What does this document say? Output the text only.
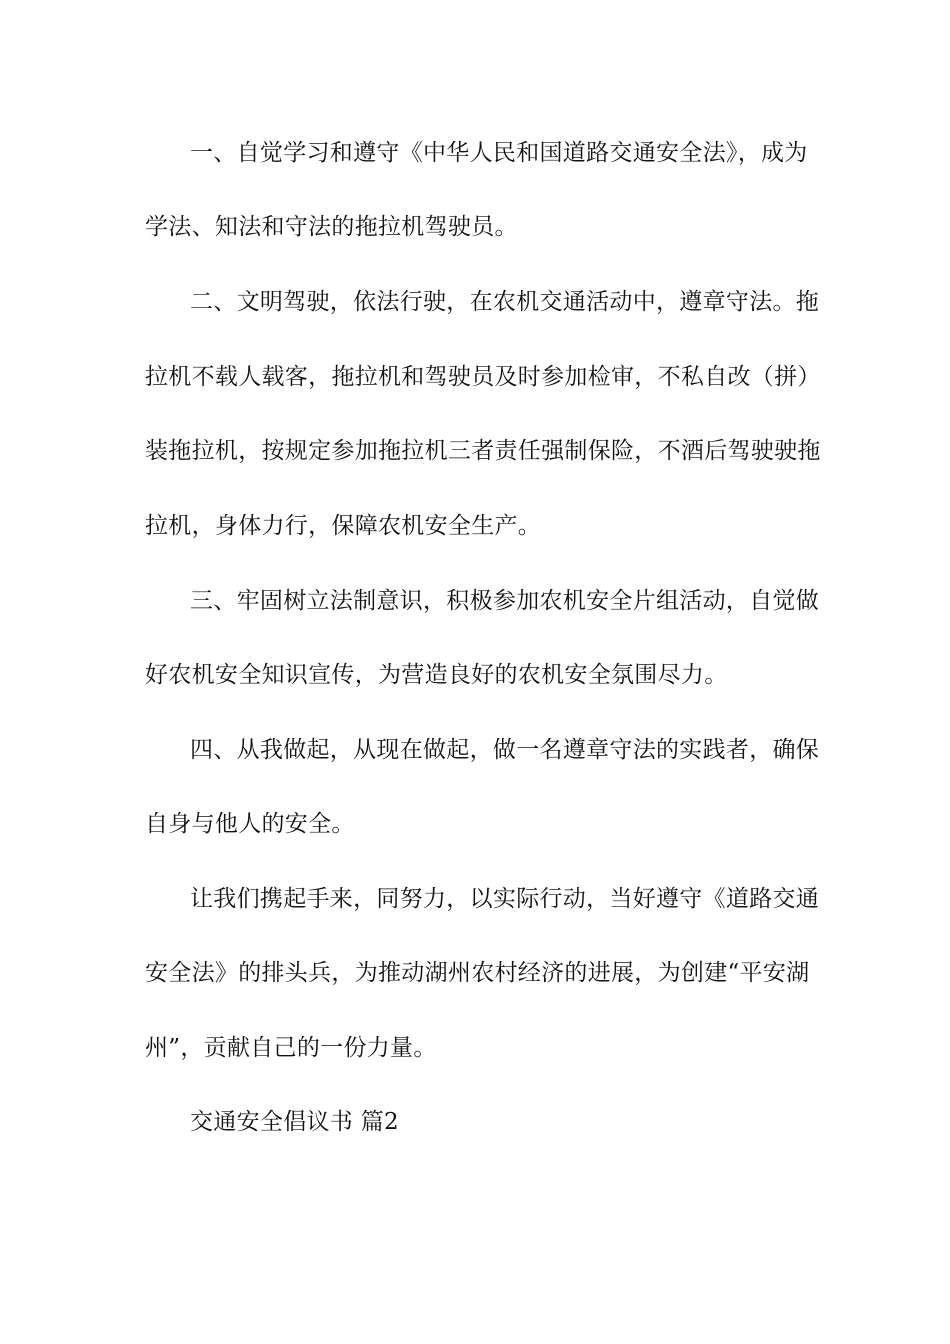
一、自觉学习和遵守《中华人民和国道路交通安全法》，成为
学法、知法和守法的拖拉机驾驶员。
二、文明驾驶，依法行驶，在农机交通活动中，遵章守法。拖
拉机不载人载客，拖拉机和驾驶员及时参加检审，不私自改（拼）
装拖拉机，按规定参加拖拉机三者责任强制保险，不酒后驾驶驶拖
拉机，身体力行，保障农机安全生产。
三、牢固树立法制意识，积极参加农机安全片组活动，自觉做
好农机安全知识宣传，为营造良好的农机安全氛围尽力。
四、从我做起，从现在做起，做一名遵章守法的实践者，确保
自身与他人的安全。
让我们携起手来，同努力，以实际行动，当好遵守《道路交通
安全法》的排头兵，为推动湖州农村经济的进展，为创建“平安湖
州”，贡献自己的一份力量。
交通安全倡议书 篇2
